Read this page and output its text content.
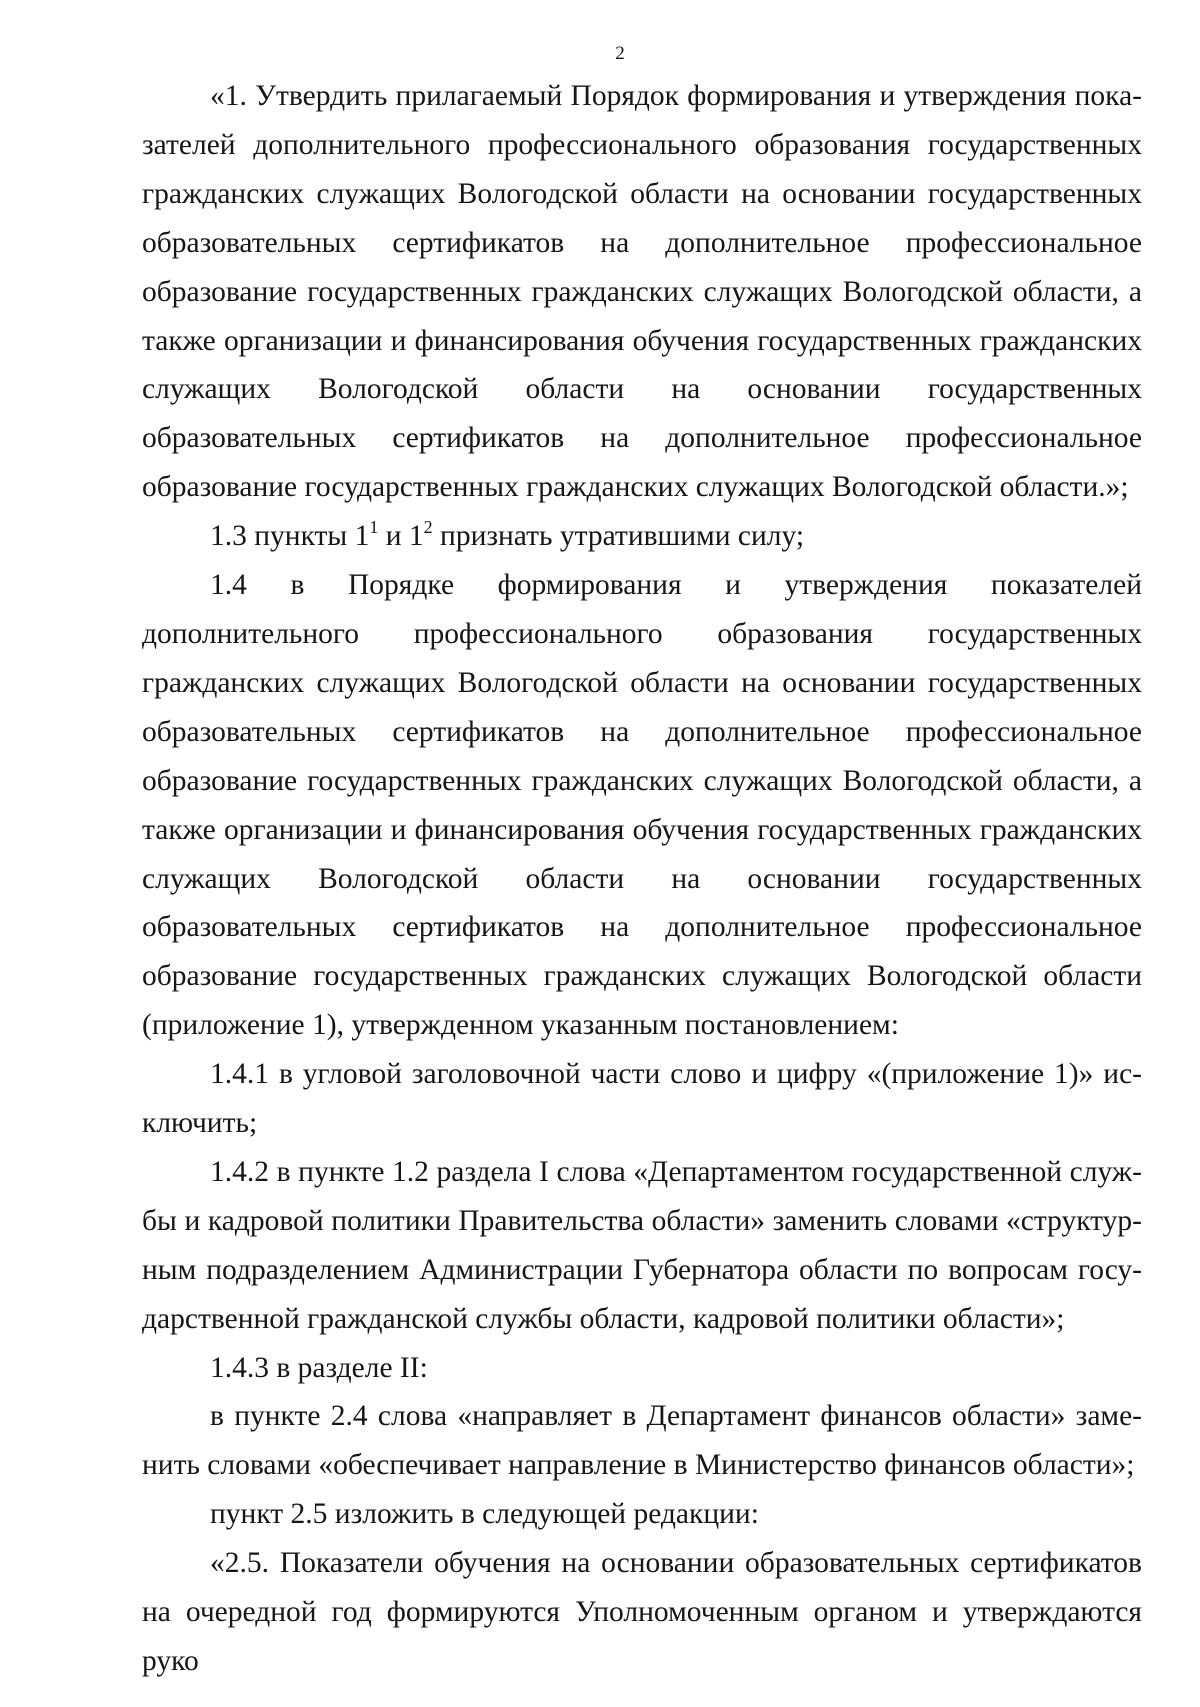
2

«1. Утвердить прилагаемый Порядок формирования и утверждения показателей дополнительного профессионального образования государственных гражданских служащих Вологодской области на основании государственных образовательных сертификатов на дополнительное профессиональное образование государственных гражданских служащих Вологодской области, а также организации и финансирования обучения государственных гражданских служащих Вологодской области на основании государственных образовательных сертификатов на дополнительное профессиональное образование государственных гражданских служащих Вологодской области.»;

1.3 пункты $1^1$ и $1^2$ признать утратившими силу;

1.4 в Порядке формирования и утверждения показателей дополнительного профессионального образования государственных гражданских служащих Вологодской области на основании государственных образовательных сертификатов на дополнительное профессиональное образование государственных гражданских служащих Вологодской области, а также организации и финансирования обучения государственных гражданских служащих Вологодской области на основании государственных образовательных сертификатов на дополнительное профессиональное образование государственных гражданских служащих Вологодской области (приложение 1), утвержденном указанным постановлением:

1.4.1 в угловой заголовочной части слово и цифру «(приложение 1)» исключить;

1.4.2 в пункте 1.2 раздела I слова «Департаментом государственной службы и кадровой политики Правительства области» заменить словами «структурным подразделением Администрации Губернатора области по вопросам государственной гражданской службы области, кадровой политики области»;

1.4.3 в разделе II:

в пункте 2.4 слова «направляет в Департамент финансов области» заменить словами «обеспечивает направление в Министерство финансов области»;

пункт 2.5 изложить в следующей редакции:

«2.5. Показатели обучения на основании образовательных сертификатов на очередной год формируются Уполномоченным органом и утверждаются руко
